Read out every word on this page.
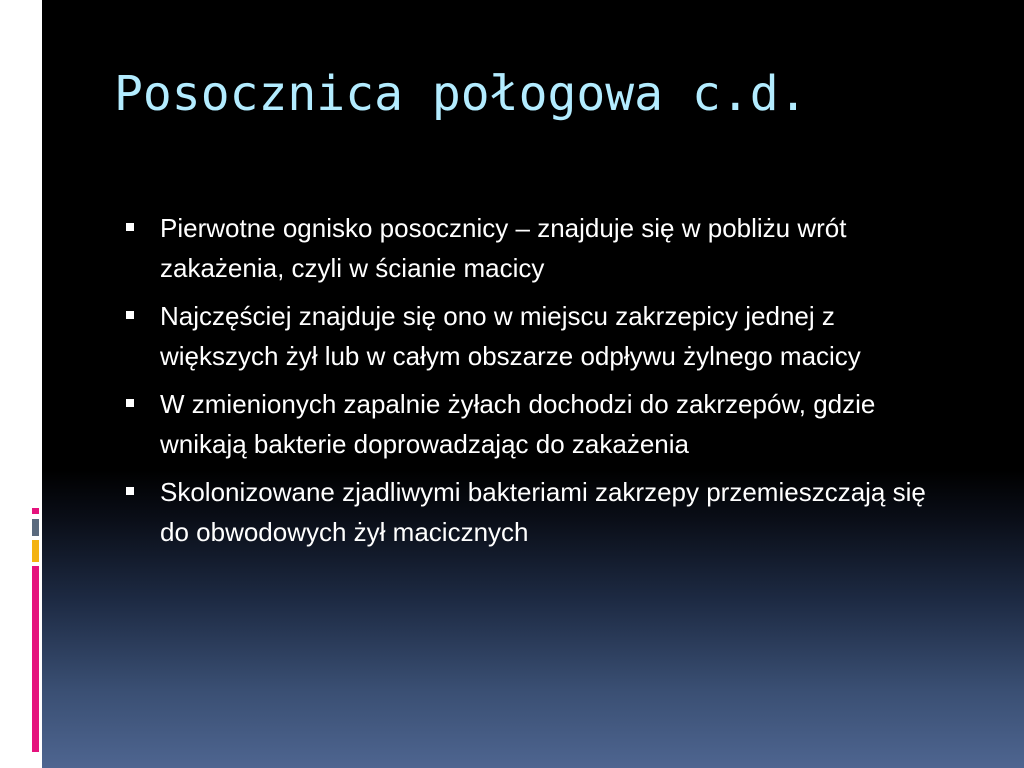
Posocznica połogowa c.d.
Pierwotne ognisko posocznicy – znajduje się w pobliżu wrót zakażenia, czyli w ścianie macicy
Najczęściej znajduje się ono w miejscu zakrzepicy jednej z większych żył lub w całym obszarze odpływu żylnego macicy
W zmienionych zapalnie żyłach dochodzi do zakrzepów, gdzie wnikają bakterie doprowadzając do zakażenia
Skolonizowane zjadliwymi bakteriami zakrzepy przemieszczają się do obwodowych żył macicznych
